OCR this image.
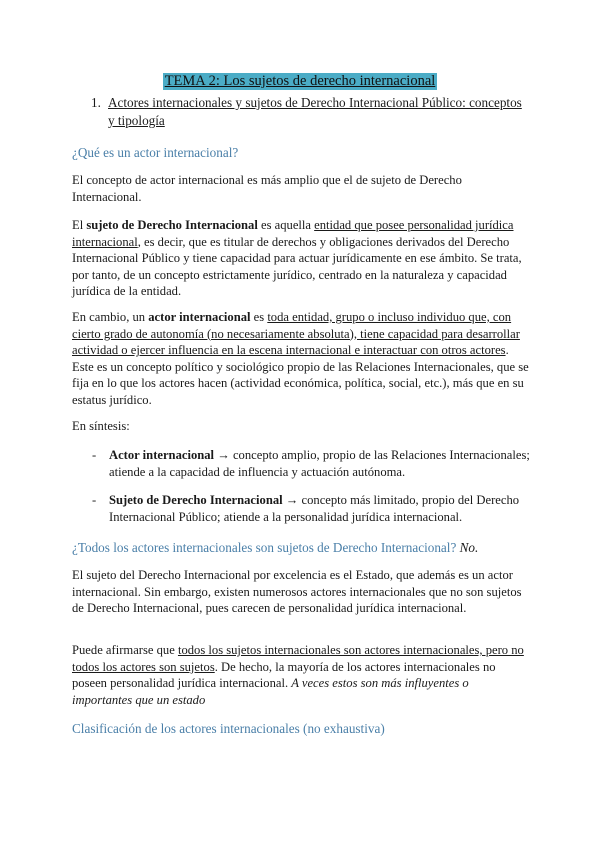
TEMA 2: Los sujetos de derecho internacional
1. Actores internacionales y sujetos de Derecho Internacional Público: conceptos y tipología
¿Qué es un actor internacional?
El concepto de actor internacional es más amplio que el de sujeto de Derecho Internacional.
El sujeto de Derecho Internacional es aquella entidad que posee personalidad jurídica internacional, es decir, que es titular de derechos y obligaciones derivados del Derecho Internacional Público y tiene capacidad para actuar jurídicamente en ese ámbito. Se trata, por tanto, de un concepto estrictamente jurídico, centrado en la naturaleza y capacidad jurídica de la entidad.
En cambio, un actor internacional es toda entidad, grupo o incluso individuo que, con cierto grado de autonomía (no necesariamente absoluta), tiene capacidad para desarrollar actividad o ejercer influencia en la escena internacional e interactuar con otros actores. Este es un concepto político y sociológico propio de las Relaciones Internacionales, que se fija en lo que los actores hacen (actividad económica, política, social, etc.), más que en su estatus jurídico.
En síntesis:
- Actor internacional → concepto amplio, propio de las Relaciones Internacionales; atiende a la capacidad de influencia y actuación autónoma.
- Sujeto de Derecho Internacional → concepto más limitado, propio del Derecho Internacional Público; atiende a la personalidad jurídica internacional.
¿Todos los actores internacionales son sujetos de Derecho Internacional? No.
El sujeto del Derecho Internacional por excelencia es el Estado, que además es un actor internacional. Sin embargo, existen numerosos actores internacionales que no son sujetos de Derecho Internacional, pues carecen de personalidad jurídica internacional.
Puede afirmarse que todos los sujetos internacionales son actores internacionales, pero no todos los actores son sujetos. De hecho, la mayoría de los actores internacionales no poseen personalidad jurídica internacional. A veces estos son más influyentes o importantes que un estado
Clasificación de los actores internacionales (no exhaustiva)
